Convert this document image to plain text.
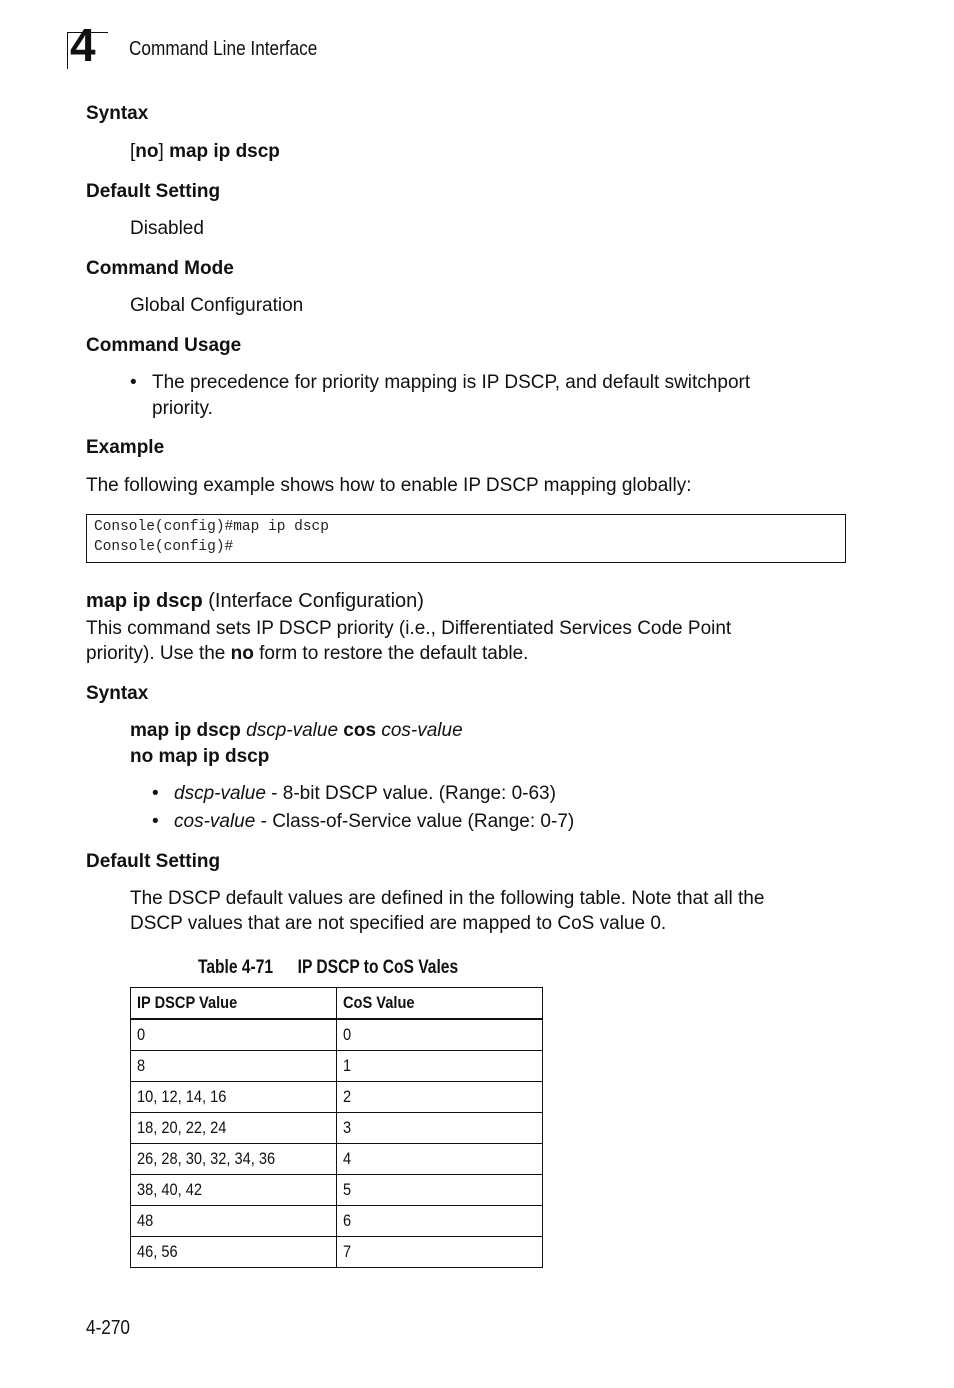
4 Command Line Interface
Syntax
[no] map ip dscp
Default Setting
Disabled
Command Mode
Global Configuration
Command Usage
• The precedence for priority mapping is IP DSCP, and default switchport
priority.
Example
The following example shows how to enable IP DSCP mapping globally:
Console(config)#map ip dscp
Console(config)#
map ip dscp (Interface Configuration)
This command sets IP DSCP priority (i.e., Differentiated Services Code Point
priority). Use the no form to restore the default table.
Syntax
map ip dscp dscp-value cos cos-value
no map ip dscp
• dscp-value - 8-bit DSCP value. (Range: 0-63)
• cos-value - Class-of-Service value (Range: 0-7)
Default Setting
The DSCP default values are defined in the following table. Note that all the
DSCP values that are not specified are mapped to CoS value 0.
Table 4-71 IP DSCP to CoS Vales
IP DSCP Value	CoS Value
0	0
8	1
10, 12, 14, 16	2
18, 20, 22, 24	3
26, 28, 30, 32, 34, 36	4
38, 40, 42	5
48	6
46, 56	7
4-270
